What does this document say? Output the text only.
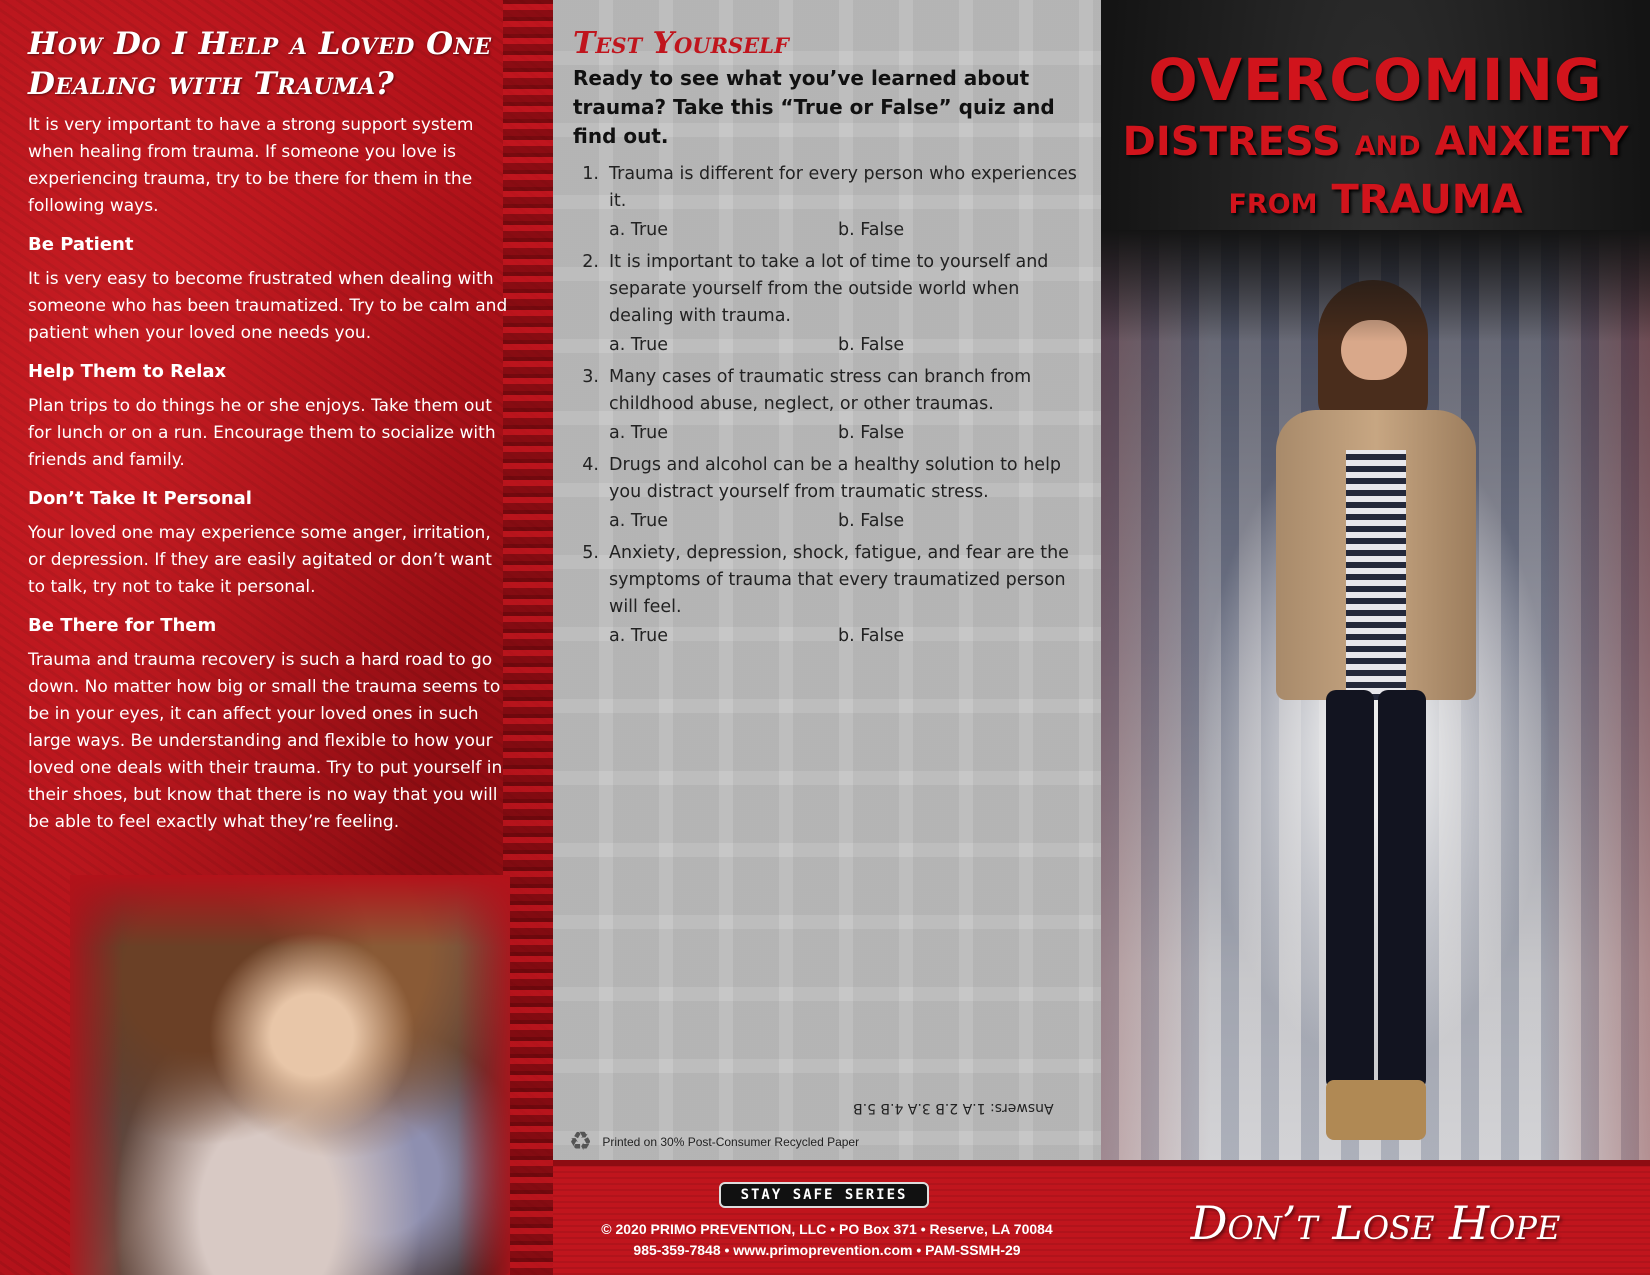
How Do I Help a Loved One Dealing with Trauma?

It is very important to have a strong support system when healing from trauma. If someone you love is experiencing trauma, try to be there for them in the following ways.

Be Patient

It is very easy to become frustrated when dealing with someone who has been traumatized. Try to be calm and patient when your loved one needs you.

Help Them to Relax

Plan trips to do things he or she enjoys. Take them out for lunch or on a run. Encourage them to socialize with friends and family.

Don’t Take It Personal

Your loved one may experience some anger, irritation, or depression. If they are easily agitated or don’t want to talk, try not to take it personal.

Be There for Them

Trauma and trauma recovery is such a hard road to go down. No matter how big or small the trauma seems to be in your eyes, it can affect your loved ones in such large ways. Be understanding and flexible to how your loved one deals with their trauma. Try to put yourself in their shoes, but know that there is no way that you will be able to feel exactly what they’re feeling.

Test Yourself

Ready to see what you’ve learned about trauma? Take this “True or False” quiz and find out.

1. Trauma is different for every person who experiences it.
a. True	b. False
2. It is important to take a lot of time to yourself and separate yourself from the outside world when dealing with trauma.
a. True	b. False
3. Many cases of traumatic stress can branch from childhood abuse, neglect, or other traumas.
a. True	b. False
4. Drugs and alcohol can be a healthy solution to help you distract yourself from traumatic stress.
a. True	b. False
5. Anxiety, depression, shock, fatigue, and fear are the symptoms of trauma that every traumatized person will feel.
a. True	b. False
Answers: 1.A 2.B 3.A 4.B 5.B
♻ Printed on 30% Post-Consumer Recycled Paper
STAY SAFE SERIES
© 2020 PRIMO PREVENTION, LLC • PO Box 371 • Reserve, LA 70084
985-359-7848 • www.primoprevention.com • PAM-SSMH-29
OVERCOMING
DISTRESS AND ANXIETY
FROM TRAUMA
Don’t Lose Hope
